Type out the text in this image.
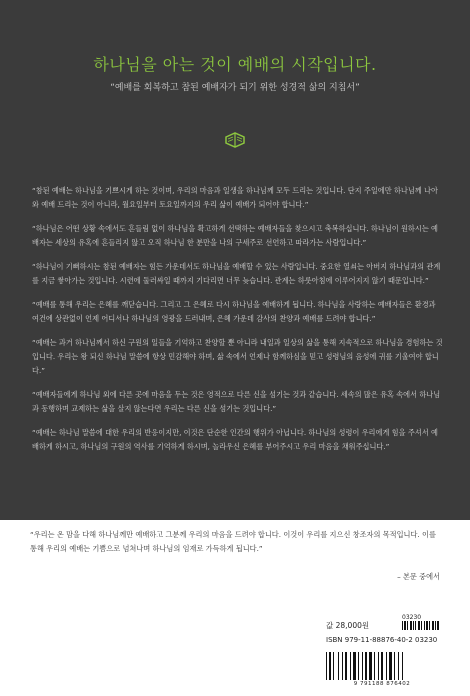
하나님을 아는 것이 예배의 시작입니다.
“예배를 회복하고 참된 예배자가 되기 위한 성경적 삶의 지침서”

“참된 예배는 하나님을 기쁘시게 하는 것이며, 우리의 마음과 일생을 하나님께 모두 드리는 것입니다. 단지 주일에만 하나님께 나아와 예배 드리는 것이 아니라, 월요일부터 토요일까지의 우리 삶이 예배가 되어야 합니다.”

“하나님은 어떤 상황 속에서도 흔들림 없이 하나님을 확고하게 선택하는 예배자들을 찾으시고 축복하십니다. 하나님이 원하시는 예배자는 세상의 유혹에 흔들리지 않고 오직 하나님 한 분만을 나의 구세주로 선언하고 따라가는 사람입니다.”

“하나님이 기뻐하시는 참된 예배자는 힘든 가운데서도 하나님을 예배할 수 있는 사람입니다. 중요한 열쇠는 아버지 하나님과의 관계를 지금 쌓아가는 것입니다. 시련에 둘러싸일 때까지 기다리면 너무 늦습니다. 관계는 하룻아침에 이루어지지 않기 때문입니다.”

“예배를 통해 우리는 은혜를 깨닫습니다. 그리고 그 은혜로 다시 하나님을 예배하게 됩니다. 하나님을 사랑하는 예배자들은 환경과 여건에 상관없이 언제 어디서나 하나님의 영광을 드러내며, 은혜 가운데 감사의 찬양과 예배를 드려야 합니다.”

“예배는 과거 하나님께서 하신 구원의 일들을 기억하고 찬양할 뿐 아니라 내일과 일상의 삶을 통해 지속적으로 하나님을 경험하는 것입니다. 우리는 왕 되신 하나님 말씀에 항상 민감해야 하며, 삶 속에서 언제나 함께하심을 믿고 성령님의 음성에 귀를 기울여야 합니다.”

“예배자들에게 하나님 외에 다른 곳에 마음을 두는 것은 영적으로 다른 신을 섬기는 것과 같습니다. 세속의 많은 유혹 속에서 하나님과 동행하며 교제하는 삶을 살지 않는다면 우리는 다른 신을 섬기는 것입니다.”

“예배는 하나님 말씀에 대한 우리의 반응이지만, 이것은 단순한 인간의 행위가 아닙니다. 하나님의 성령이 우리에게 힘을 주셔서 예배하게 하시고, 하나님의 구원의 역사를 기억하게 하시며, 놀라우신 은혜를 부어주시고 우리 마음을 채워주십니다.”

“우리는 온 맘을 다해 하나님께만 예배하고 그분께 우리의 마음을 드려야 합니다. 이것이 우리를 지으신 창조자의 목적입니다. 이를 통해 우리의 예배는 기쁨으로 넘쳐나며 하나님의 임재로 가득하게 됩니다.”
– 본문 중에서
값 28,000원
ISBN 979-11-88876-40-2 03230
03230
9 791188 876402
